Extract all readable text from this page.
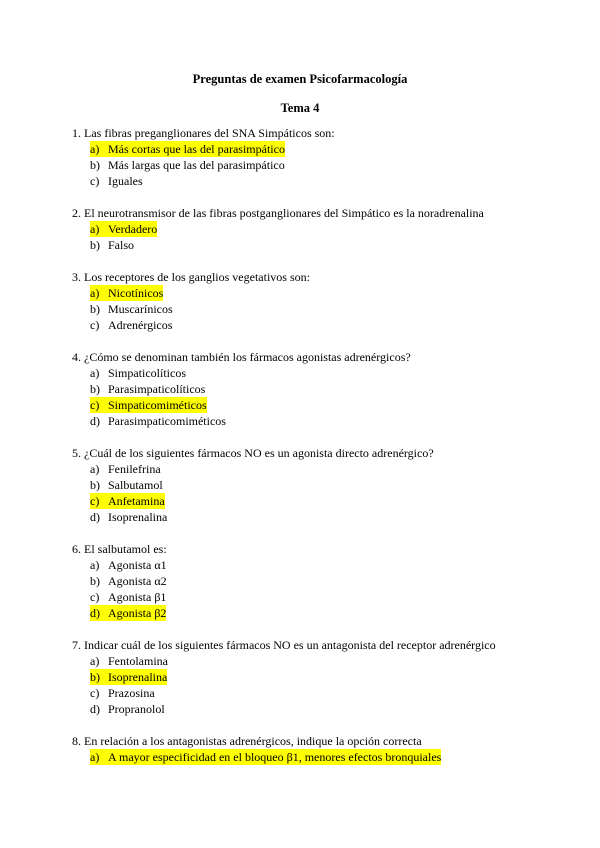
Preguntas de examen Psicofarmacología
Tema 4
1. Las fibras preganglionares del SNA Simpáticos son:
a) Más cortas que las del parasimpático
b) Más largas que las del parasimpático
c) Iguales
2. El neurotransmisor de las fibras postganglionares del Simpático es la noradrenalina
a) Verdadero
b) Falso
3. Los receptores de los ganglios vegetativos son:
a) Nicotínicos
b) Muscarínicos
c) Adrenérgicos
4. ¿Cómo se denominan también los fármacos agonistas adrenérgicos?
a) Simpaticolíticos
b) Parasimpaticolíticos
c) Simpaticomiméticos
d) Parasimpaticomiméticos
5. ¿Cuál de los siguientes fármacos NO es un agonista directo adrenérgico?
a) Fenilefrina
b) Salbutamol
c) Anfetamina
d) Isoprenalina
6. El salbutamol es:
a) Agonista α1
b) Agonista α2
c) Agonista β1
d) Agonista β2
7. Indicar cuál de los siguientes fármacos NO es un antagonista del receptor adrenérgico
a) Fentolamina
b) Isoprenalina
c) Prazosina
d) Propranolol
8. En relación a los antagonistas adrenérgicos, indique la opción correcta
a) A mayor especificidad en el bloqueo β1, menores efectos bronquiales
